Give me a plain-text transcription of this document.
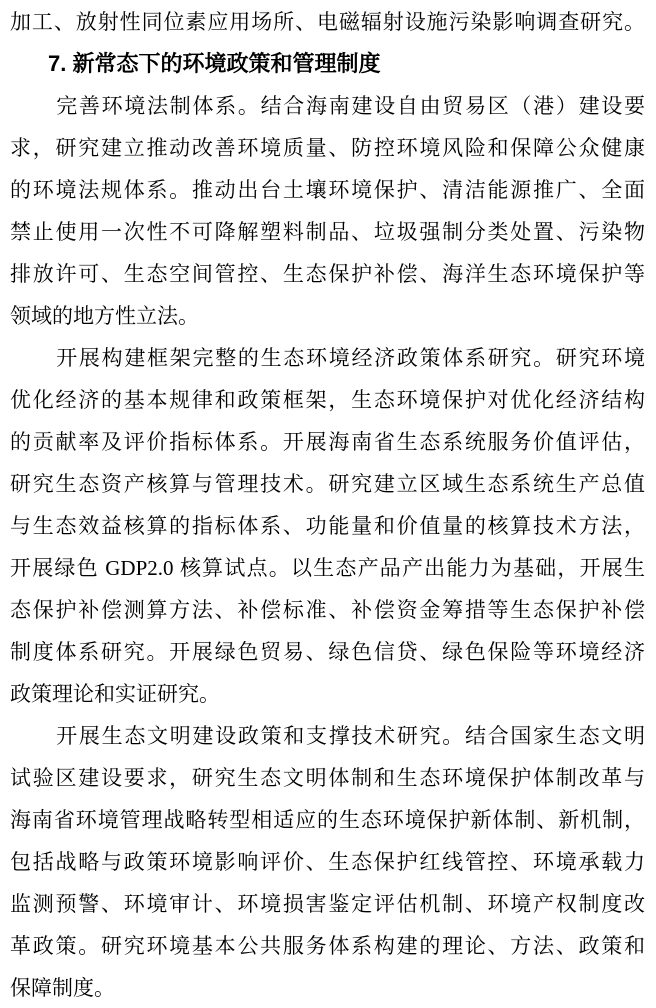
加工、放射性同位素应用场所、电磁辐射设施污染影响调查研究。
7. 新常态下的环境政策和管理制度
完善环境法制体系。结合海南建设自由贸易区（港）建设要
求，研究建立推动改善环境质量、防控环境风险和保障公众健康
的环境法规体系。推动出台土壤环境保护、清洁能源推广、全面
禁止使用一次性不可降解塑料制品、垃圾强制分类处置、污染物
排放许可、生态空间管控、生态保护补偿、海洋生态环境保护等
领域的地方性立法。
开展构建框架完整的生态环境经济政策体系研究。研究环境
优化经济的基本规律和政策框架，生态环境保护对优化经济结构
的贡献率及评价指标体系。开展海南省生态系统服务价值评估，
研究生态资产核算与管理技术。研究建立区域生态系统生产总值
与生态效益核算的指标体系、功能量和价值量的核算技术方法，
开展绿色 GDP2.0 核算试点。以生态产品产出能力为基础，开展生
态保护补偿测算方法、补偿标准、补偿资金筹措等生态保护补偿
制度体系研究。开展绿色贸易、绿色信贷、绿色保险等环境经济
政策理论和实证研究。
开展生态文明建设政策和支撑技术研究。结合国家生态文明
试验区建设要求，研究生态文明体制和生态环境保护体制改革与
海南省环境管理战略转型相适应的生态环境保护新体制、新机制，
包括战略与政策环境影响评价、生态保护红线管控、环境承载力
监测预警、环境审计、环境损害鉴定评估机制、环境产权制度改
革政策。研究环境基本公共服务体系构建的理论、方法、政策和
保障制度。
